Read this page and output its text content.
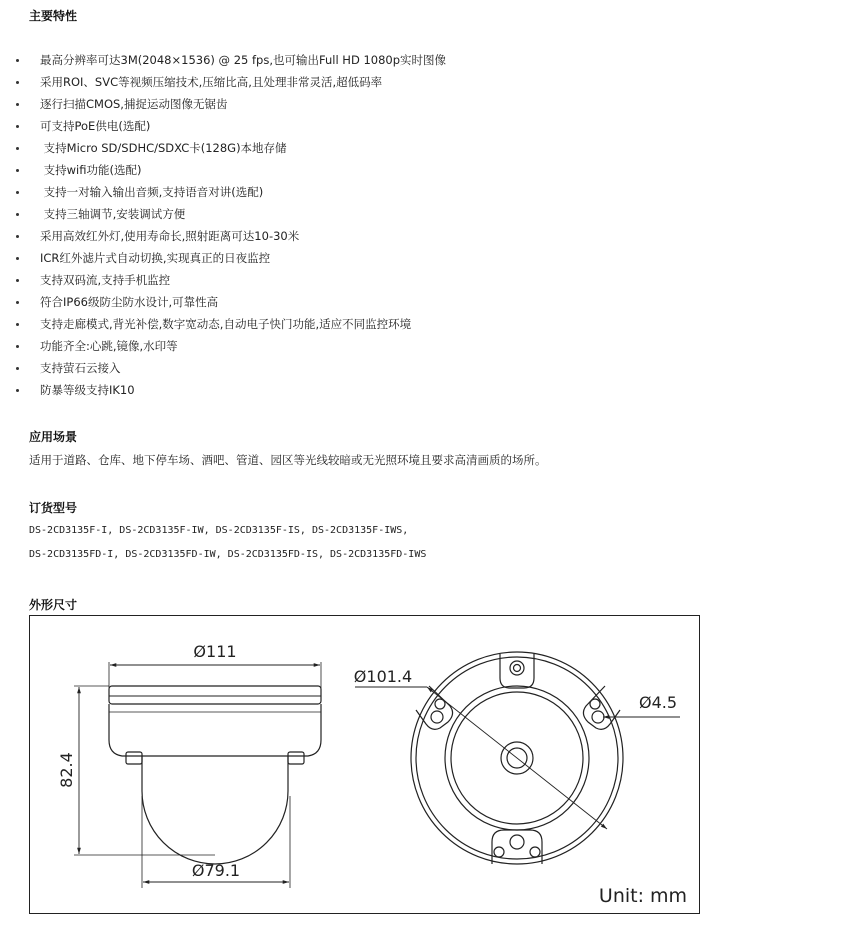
主要特性
最高分辨率可达3M(2048×1536) @ 25 fps,也可输出Full HD 1080p实时图像
采用ROI、SVC等视频压缩技术,压缩比高,且处理非常灵活,超低码率
逐行扫描CMOS,捕捉运动图像无锯齿
可支持PoE供电(选配)
支持Micro SD/SDHC/SDXC卡(128G)本地存储
支持wifi功能(选配)
支持一对输入输出音频,支持语音对讲(选配)
支持三轴调节,安装调试方便
采用高效红外灯,使用寿命长,照射距离可达10-30米
ICR红外滤片式自动切换,实现真正的日夜监控
支持双码流,支持手机监控
符合IP66级防尘防水设计,可靠性高
支持走廊模式,背光补偿,数字宽动态,自动电子快门功能,适应不同监控环境
功能齐全:心跳,镜像,水印等
支持萤石云接入
防暴等级支持IK10
应用场景
适用于道路、仓库、地下停车场、酒吧、管道、园区等光线较暗或无光照环境且要求高清画质的场所。
订货型号
DS-2CD3135F-I, DS-2CD3135F-IW, DS-2CD3135F-IS, DS-2CD3135F-IWS,
DS-2CD3135FD-I, DS-2CD3135FD-IW, DS-2CD3135FD-IS, DS-2CD3135FD-IWS
外形尺寸
Ø111
82.4
Ø79.1
Ø101.4
Ø4.5
Unit: mm
